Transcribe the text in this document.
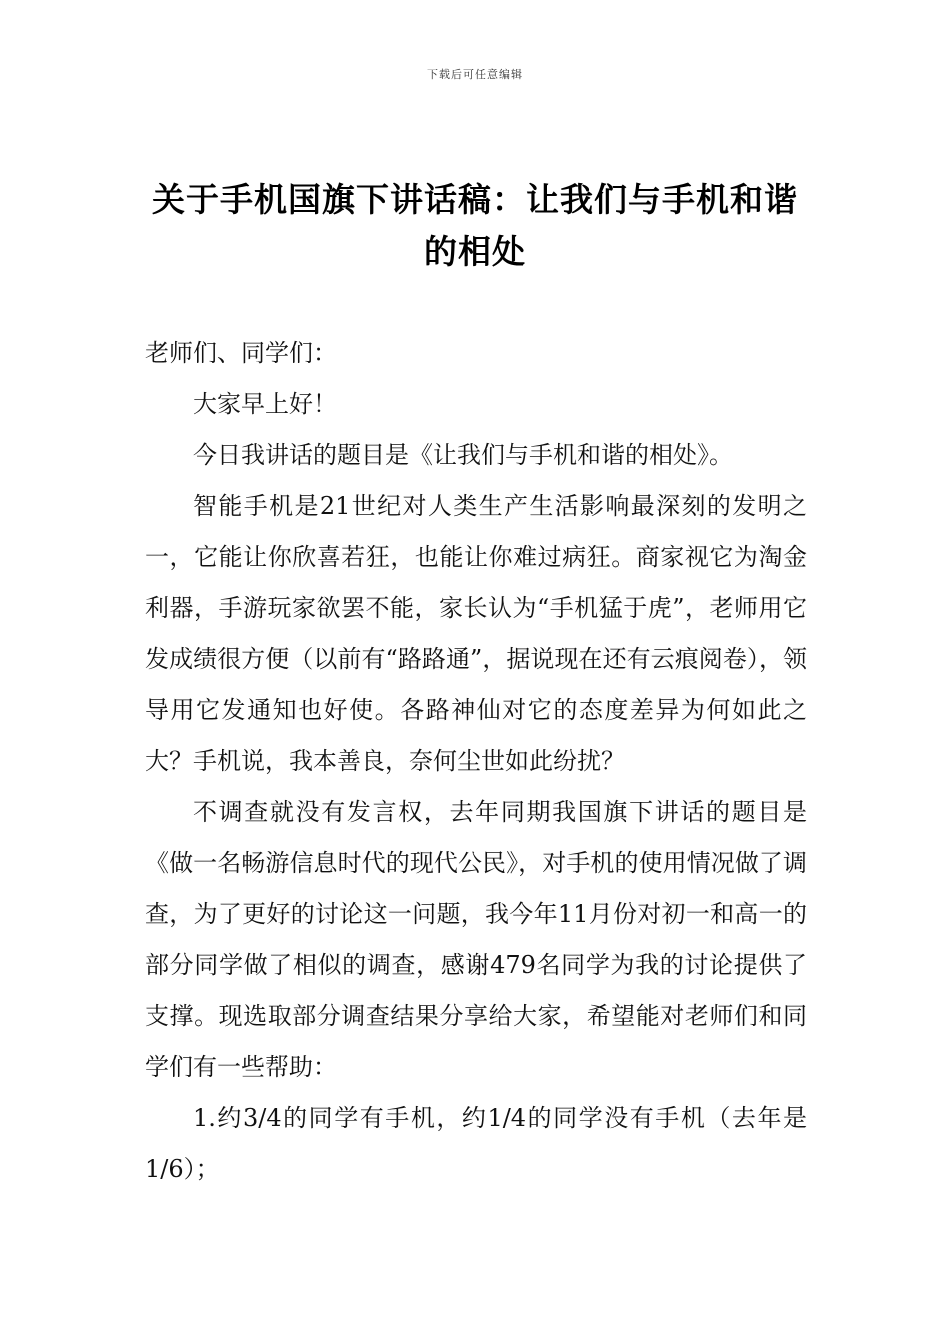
下载后可任意编辑
关于手机国旗下讲话稿：让我们与手机和谐的相处

老师们、同学们：

大家早上好！

今日我讲话的题目是《让我们与手机和谐的相处》。

智能手机是21世纪对人类生产生活影响最深刻的发明之一，它能让你欣喜若狂，也能让你难过病狂。商家视它为淘金利器，手游玩家欲罢不能，家长认为“手机猛于虎”，老师用它发成绩很方便（以前有“路路通”，据说现在还有云痕阅卷），领导用它发通知也好使。各路神仙对它的态度差异为何如此之大？手机说，我本善良，奈何尘世如此纷扰？

不调查就没有发言权，去年同期我国旗下讲话的题目是《做一名畅游信息时代的现代公民》，对手机的使用情况做了调查，为了更好的讨论这一问题，我今年11月份对初一和高一的部分同学做了相似的调查，感谢479名同学为我的讨论提供了支撑。现选取部分调查结果分享给大家，希望能对老师们和同学们有一些帮助：

1.约3/4的同学有手机，约1/4的同学没有手机（去年是1/6）；
